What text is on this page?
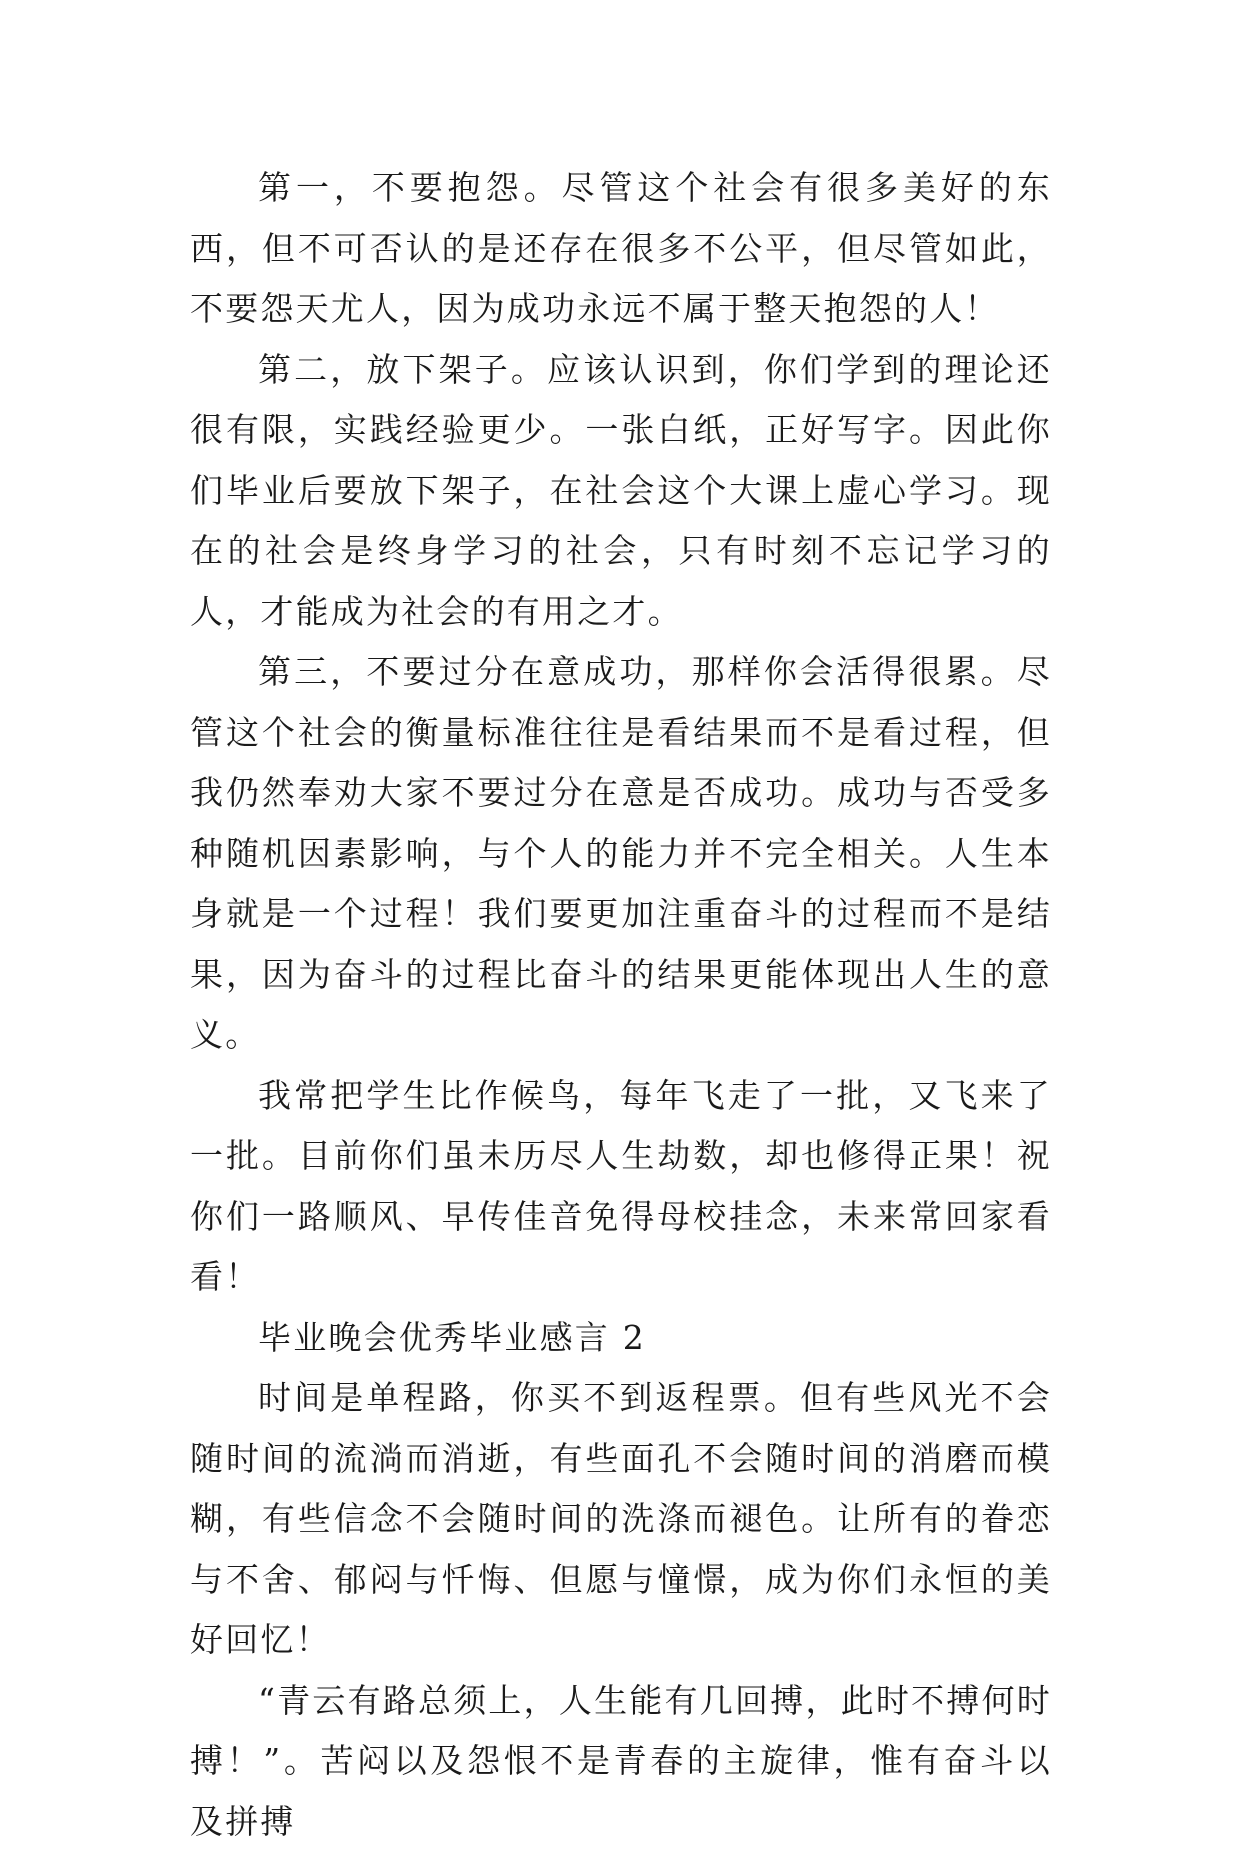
第一，不要抱怨。尽管这个社会有很多美好的东西，但不可否认的是还存在很多不公平，但尽管如此，不要怨天尤人，因为成功永远不属于整天抱怨的人！

第二，放下架子。应该认识到，你们学到的理论还很有限，实践经验更少。一张白纸，正好写字。因此你们毕业后要放下架子，在社会这个大课上虚心学习。现在的社会是终身学习的社会，只有时刻不忘记学习的人，才能成为社会的有用之才。

第三，不要过分在意成功，那样你会活得很累。尽管这个社会的衡量标准往往是看结果而不是看过程，但我仍然奉劝大家不要过分在意是否成功。成功与否受多种随机因素影响，与个人的能力并不完全相关。人生本身就是一个过程！我们要更加注重奋斗的过程而不是结果，因为奋斗的过程比奋斗的结果更能体现出人生的意义。

我常把学生比作候鸟，每年飞走了一批，又飞来了一批。目前你们虽未历尽人生劫数，却也修得正果！祝你们一路顺风、早传佳音免得母校挂念，未来常回家看看！

毕业晚会优秀毕业感言 2

时间是单程路，你买不到返程票。但有些风光不会随时间的流淌而消逝，有些面孔不会随时间的消磨而模糊，有些信念不会随时间的洗涤而褪色。让所有的眷恋与不舍、郁闷与忏悔、但愿与憧憬，成为你们永恒的美好回忆！

“青云有路总须上，人生能有几回搏，此时不搏何时搏！”。苦闷以及怨恨不是青春的主旋律，惟有奋斗以及拼搏
